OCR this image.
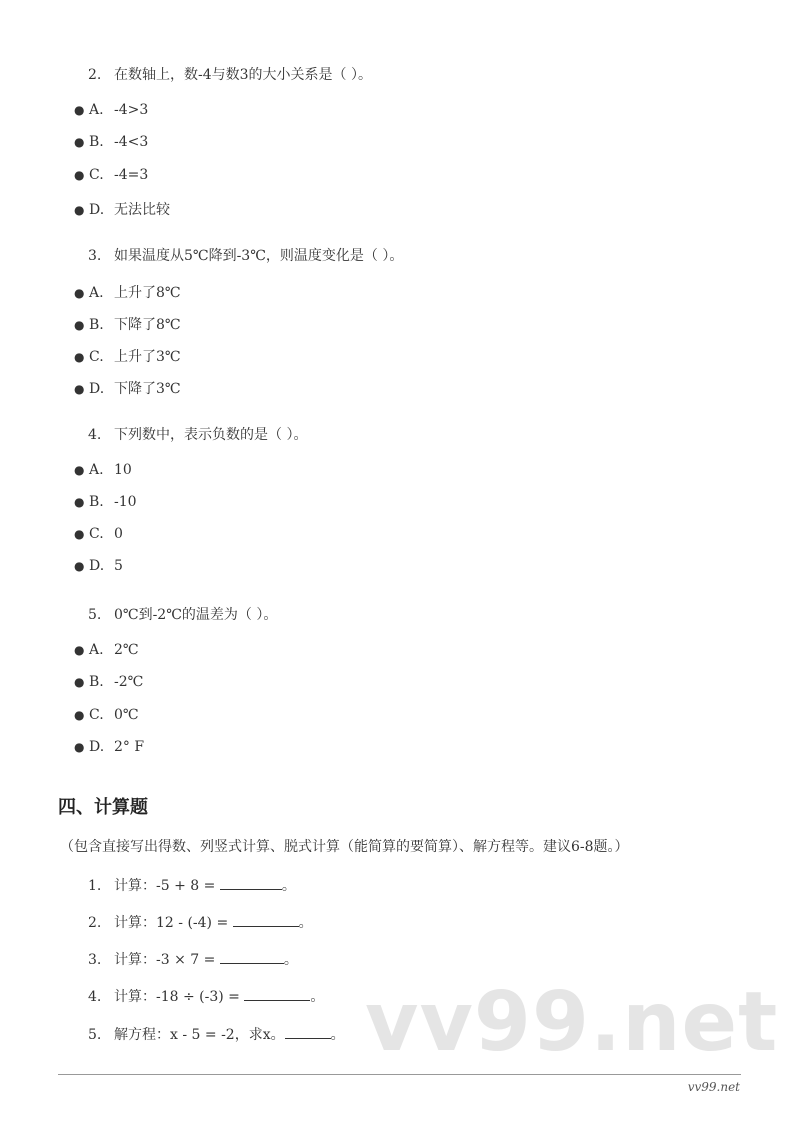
2. 在数轴上，数-4与数3的大小关系是（ ）。
● A. -4>3
● B. -4<3
● C. -4=3
● D. 无法比较
3. 如果温度从5℃降到-3℃，则温度变化是（ ）。
● A. 上升了8℃
● B. 下降了8℃
● C. 上升了3℃
● D. 下降了3℃
4. 下列数中，表示负数的是（ ）。
● A. 10
● B. -10
● C. 0
● D. 5
5. 0℃到-2℃的温差为（ ）。
● A. 2℃
● B. -2℃
● C. 0℃
● D. 2° F
四、计算题
（包含直接写出得数、列竖式计算、脱式计算（能简算的要简算）、解方程等。建议6-8题。）
1. 计算：-5 + 8 =	。
2. 计算：12 - (-4) =	。
3. 计算：-3 × 7 =	。
4. 计算：-18 ÷ (-3) =	。
5. 解方程：x - 5 = -2，求x。	。 vv99.net
vv99.net
